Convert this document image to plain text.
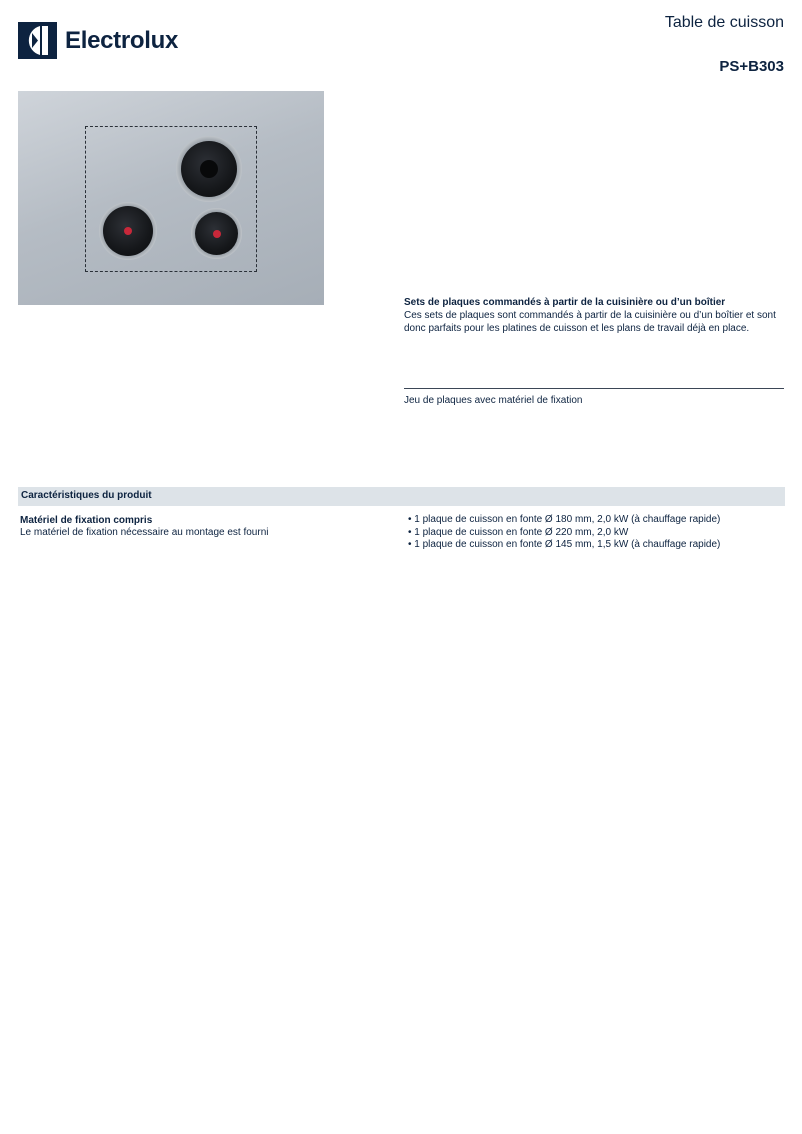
Electrolux
Table de cuisson
PS+B303
Sets de plaques commandés à partir de la cuisinière ou d’un boîtier
Ces sets de plaques sont commandés à partir de la cuisinière ou d’un boîtier et sont donc parfaits pour les platines de cuisson et les plans de travail déjà en place.
Jeu de plaques avec matériel de fixation
Caractéristiques du produit
Matériel de fixation compris
Le matériel de fixation nécessaire au montage est fourni
• 1 plaque de cuisson en fonte Ø 180 mm, 2,0 kW (à chauffage rapide)
• 1 plaque de cuisson en fonte Ø 220 mm, 2,0 kW
• 1 plaque de cuisson en fonte Ø 145 mm, 1,5 kW (à chauffage rapide)
